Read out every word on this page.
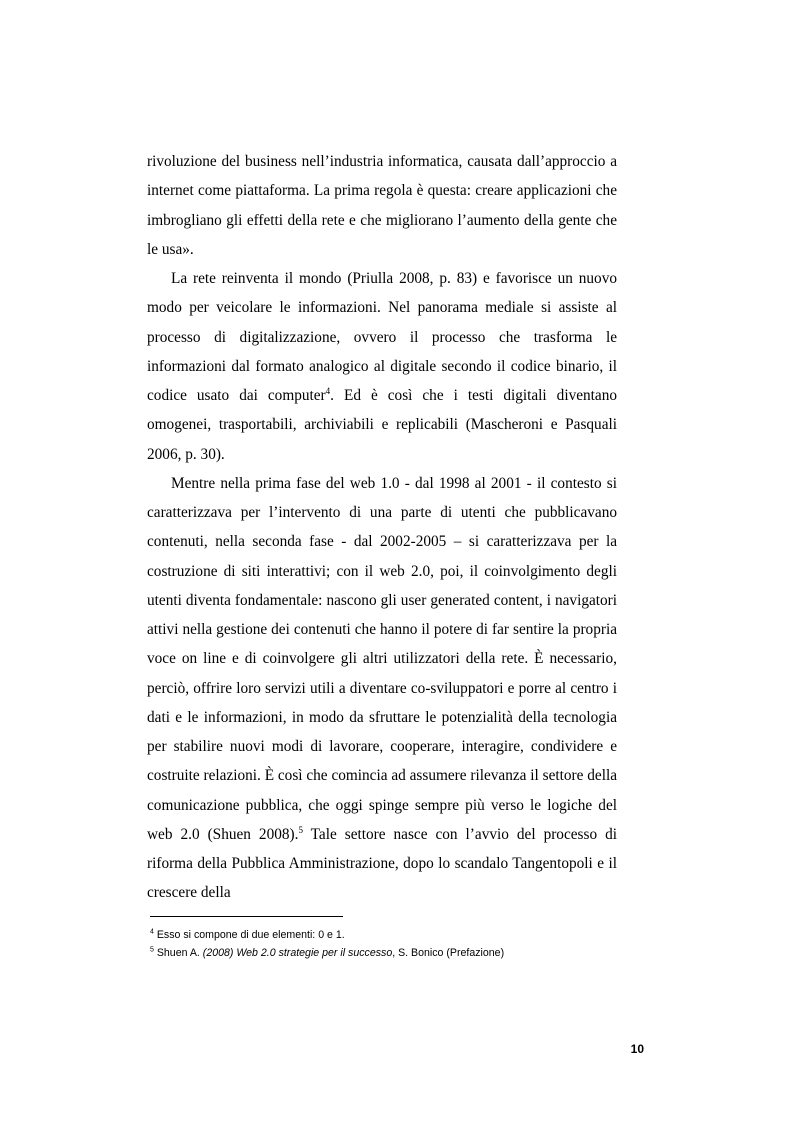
rivoluzione del business nell’industria informatica, causata dall’approccio a internet come piattaforma. La prima regola è questa: creare applicazioni che imbrogliano gli effetti della rete e che migliorano l’aumento della gente che le usa».

La rete reinventa il mondo (Priulla 2008, p. 83) e favorisce un nuovo modo per veicolare le informazioni. Nel panorama mediale si assiste al processo di digitalizzazione, ovvero il processo che trasforma le informazioni dal formato analogico al digitale secondo il codice binario, il codice usato dai computer$^4$. Ed è così che i testi digitali diventano omogenei, trasportabili, archiviabili e replicabili (Mascheroni e Pasquali 2006, p. 30).

Mentre nella prima fase del web 1.0 - dal 1998 al 2001 - il contesto si caratterizzava per l’intervento di una parte di utenti che pubblicavano contenuti, nella seconda fase - dal 2002-2005 – si caratterizzava per la costruzione di siti interattivi; con il web 2.0, poi, il coinvolgimento degli utenti diventa fondamentale: nascono gli user generated content, i navigatori attivi nella gestione dei contenuti che hanno il potere di far sentire la propria voce on line e di coinvolgere gli altri utilizzatori della rete. È necessario, perciò, offrire loro servizi utili a diventare co-sviluppatori e porre al centro i dati e le informazioni, in modo da sfruttare le potenzialità della tecnologia per stabilire nuovi modi di lavorare, cooperare, interagire, condividere e costruite relazioni. È così che comincia ad assumere rilevanza il settore della comunicazione pubblica, che oggi spinge sempre più verso le logiche del web 2.0 (Shuen 2008).$^5$ Tale settore nasce con l’avvio del processo di riforma della Pubblica Amministrazione, dopo lo scandalo Tangentopoli e il crescere della

$^4$ Esso si compone di due elementi: 0 e 1.
$^5$ Shuen A. (2008) Web 2.0 strategie per il successo, S. Bonico (Prefazione)
10
